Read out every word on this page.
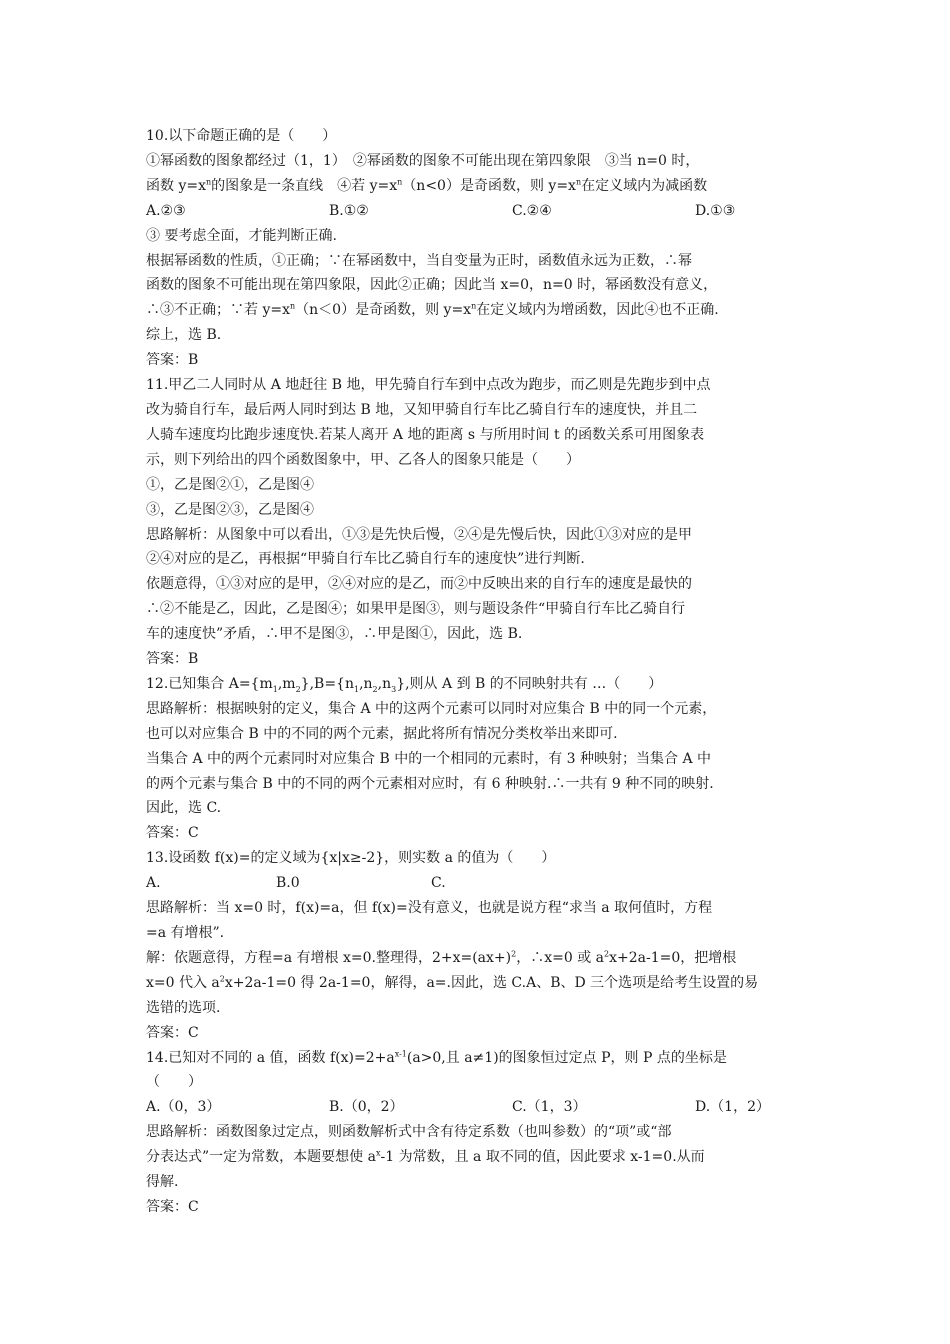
10.以下命题正确的是（　　）
①幂函数的图象都经过（1，1）　②幂函数的图象不可能出现在第四象限　③当 n=0 时，
函数 $y=x^n$的图象是一条直线　④若 $y=x^n(n<0)$是奇函数，则 $y=x^n$在定义域内为减函数
A.②③	B.①②	C.②④	D.①③
③ 要考虑全面，才能判断正确.
根据幂函数的性质，①正确；∵在幂函数中，当自变量为正时，函数值永远为正数，∴幂
函数的图象不可能出现在第四象限，因此②正确；因此当 x=0，n=0 时，幂函数没有意义，
∴③不正确；∵若 $y=x^n(n<0)$是奇函数，则 $y=x^n$在定义域内为增函数，因此④也不正确.
综上，选 B.
答案：B
11.甲乙二人同时从 A 地赶往 B 地，甲先骑自行车到中点改为跑步，而乙则是先跑步到中点
改为骑自行车，最后两人同时到达 B 地，又知甲骑自行车比乙骑自行车的速度快，并且二
人骑车速度均比跑步速度快.若某人离开 A 地的距离 s 与所用时间 t 的函数关系可用图象表
示，则下列给出的四个函数图象中，甲、乙各人的图象只能是（　　）
①，乙是图②①，乙是图④
③，乙是图②③，乙是图④
思路解析：从图象中可以看出，①③是先快后慢，②④是先慢后快，因此①③对应的是甲
②④对应的是乙，再根据“甲骑自行车比乙骑自行车的速度快”进行判断.
依题意得，①③对应的是甲，②④对应的是乙，而②中反映出来的自行车的速度是最快的
∴②不能是乙，因此，乙是图④；如果甲是图③，则与题设条件“甲骑自行车比乙骑自行
车的速度快”矛盾，∴甲不是图③，∴甲是图①，因此，选 B.
答案：B
12.已知集合 $A=\{m_1,m_2\},B=\{n_1,n_2,n_3\}$,则从 A 到 B 的不同映射共有 …（　　）
思路解析：根据映射的定义，集合 A 中的这两个元素可以同时对应集合 B 中的同一个元素，
也可以对应集合 B 中的不同的两个元素，据此将所有情况分类枚举出来即可.
当集合 A 中的两个元素同时对应集合 B 中的一个相同的元素时，有 3 种映射；当集合 A 中
的两个元素与集合 B 中的不同的两个元素相对应时，有 6 种映射.∴一共有 9 种不同的映射.
因此，选 C.
答案：C
13.设函数 f(x)=的定义域为{x|x≥-2}，则实数 a 的值为（　　）
A.	B.0	C.
思路解析：当 x=0 时，f(x)=a，但 f(x)=没有意义，也就是说方程“求当 a 取何值时，方程
=a 有增根”.
解：依题意得，方程=a 有增根 x=0.整理得，$2+x=(ax+)^2$，∴x=0 或 $a^2x+2a-1=0$，把增根
x=0 代入 $a^2x+2a-1=0$ 得 2a-1=0，解得，a=.因此，选 C.A、B、D 三个选项是给考生设置的易
选错的选项.
答案：C
14.已知对不同的 a 值，函数 $f(x)=2+a^{x-1}(a>0$,且 a≠1)的图象恒过定点 P，则 P 点的坐标是
（　　）
A.（0，3）	B.（0，2）	C.（1，3）	D.（1，2）
思路解析：函数图象过定点，则函数解析式中含有待定系数（也叫参数）的“项”或“部
分表达式”一定为常数，本题要想使 $a^x-1$ 为常数，且 a 取不同的值，因此要求 x-1=0.从而
得解.
答案：C
